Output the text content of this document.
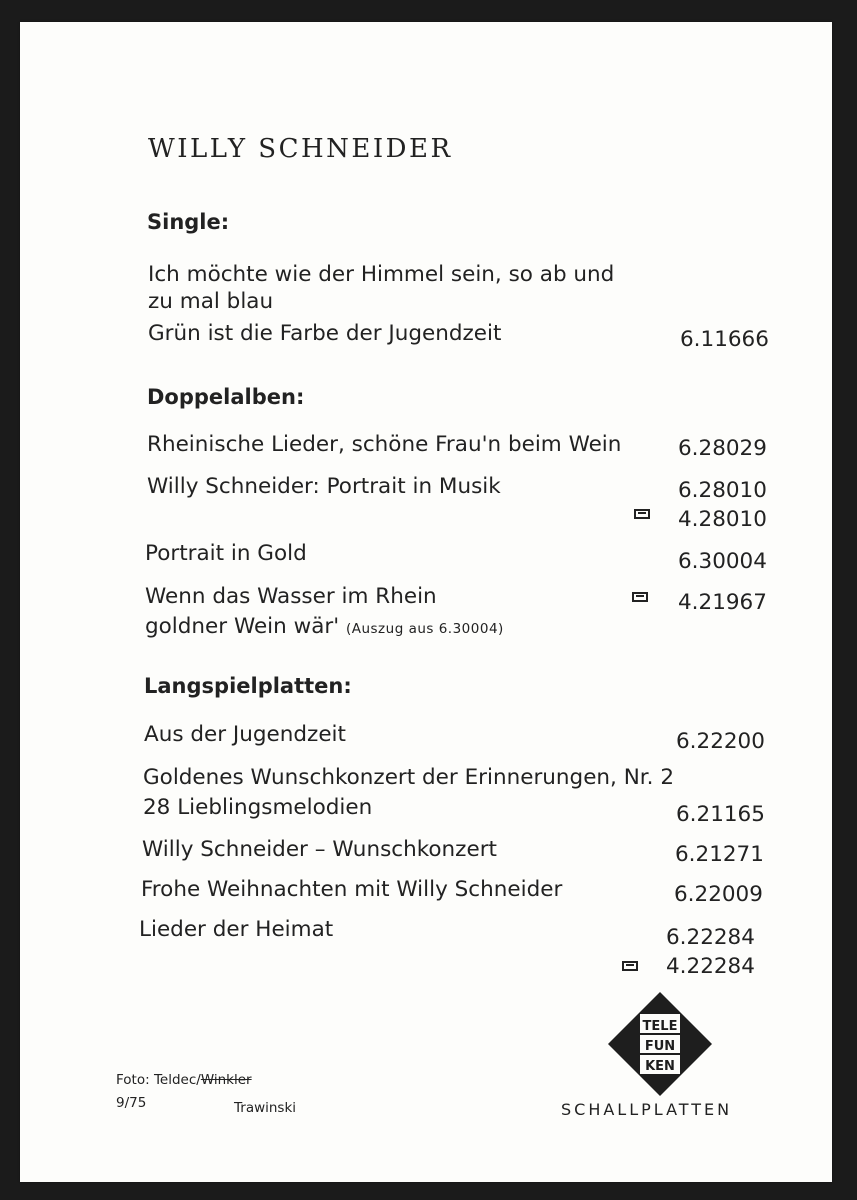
WILLY SCHNEIDER
Single:
Ich möchte wie der Himmel sein, so ab und
zu mal blau
Grün ist die Farbe der Jugendzeit	6.11666
Doppelalben:
Rheinische Lieder, schöne Frau'n beim Wein	6.28029
Willy Schneider: Portrait in Musik	6.28010
4.28010
Portrait in Gold	6.30004
Wenn das Wasser im Rhein	4.21967
goldner Wein wär' (Auszug aus 6.30004)
Langspielplatten:
Aus der Jugendzeit	6.22200
Goldenes Wunschkonzert der Erinnerungen, Nr. 2
28 Lieblingsmelodien	6.21165
Willy Schneider – Wunschkonzert	6.21271
Frohe Weihnachten mit Willy Schneider	6.22009
Lieder der Heimat	6.22284
4.22284
TELE
FUN
KEN
SCHALLPLATTEN
Foto: Teldec/Winkler
9/75	Trawinski
